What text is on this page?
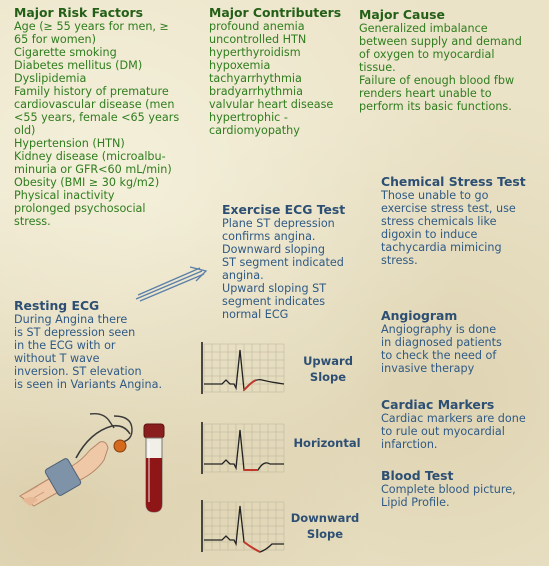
Major Risk Factors
Age (≥ 55 years for men, ≥
65 for women)
Cigarette smoking
Diabetes mellitus (DM)
Dyslipidemia
Family history of premature
cardiovascular disease (men
<55 years, female <65 years
old)
Hypertension (HTN)
Kidney disease (microalbu-
minuria or GFR<60 mL/min)
Obesity (BMI ≥ 30 kg/m2)
Physical inactivity
prolonged psychosocial
stress.
Major Contributers
profound anemia
uncontrolled HTN
hyperthyroidism
hypoxemia
tachyarrhythmia
bradyarrhythmia
valvular heart disease
hypertrophic -
cardiomyopathy
Major Cause
Generalized imbalance
between supply and demand
of oxygen to myocardial
tissue.
Failure of enough blood fbw
renders heart unable to
perform its basic functions.
Resting ECG
During Angina there
is ST depression seen
in the ECG with or
without T wave
inversion. ST elevation
is seen in Variants Angina.
Exercise ECG Test
Plane ST depression
confirms angina.
Downward sloping
ST segment indicated
angina.
Upward sloping ST
segment indicates
normal ECG
Chemical Stress Test
Those unable to go
exercise stress test, use
stress chemicals like
digoxin to induce
tachycardia mimicing
stress.
Angiogram
Angiography is done
in diagnosed patients
to check the need of
invasive therapy
Cardiac Markers
Cardiac markers are done
to rule out myocardial
infarction.
Blood Test
Complete blood picture,
Lipid Profile.
Upward
Slope
Horizontal
Downward
Slope
